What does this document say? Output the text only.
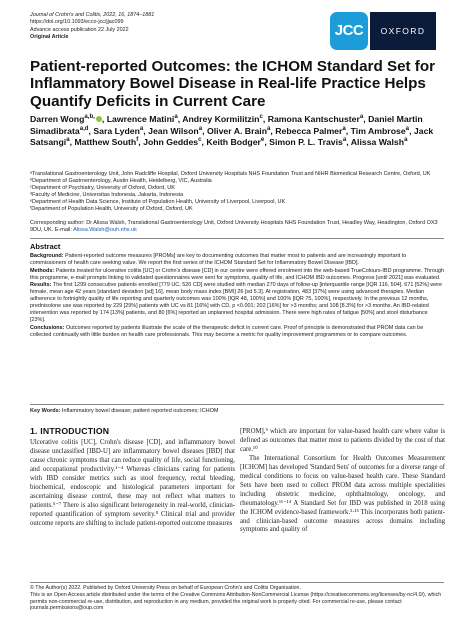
Journal of Crohn's and Colitis, 2022, 16, 1874–1881
https://doi.org/10.1093/ecco-jcc/jjac099
Advance access publication 22 July 2022
Original Article	JCC	OXFORD
Patient-reported Outcomes: the ICHOM Standard Set for Inflammatory Bowel Disease in Real-life Practice Helps Quantify Deficits in Current Care
Darren Wong$^{a,b,}$ , Lawrence Matini$^a$, Andrey Kormilitzin$^c$, Ramona Kantschuster$^a$, Daniel Martin Simadibrata$^{a,d}$, Sara Lyden$^a$, Jean Wilson$^a$, Oliver A. Brain$^a$, Rebecca Palmer$^a$, Tim Ambrose$^a$, Jack Satsangi$^a$, Matthew South$^f$, John Geddes$^c$, Keith Bodger$^e$, Simon P. L. Travis$^a$, Alissa Walsh$^a$
ᵃTranslational Gastroenterology Unit, John Radcliffe Hospital, Oxford University Hospitals NHS Foundation Trust and NIHR Biomedical Research Centre, Oxford, UK
ᵇDepartment of Gastroenterology, Austin Health, Heidelberg, VIC, Australia
ᶜDepartment of Psychiatry, University of Oxford, Oxford, UK
ᵈFaculty of Medicine, Universitas Indonesia, Jakarta, Indonesia
ᵉDepartment of Health Data Science, Institute of Population Health, University of Liverpool, Liverpool, UK
ᶠDepartment of Population Health, University of Oxford, Oxford, UK
Corresponding author: Dr Alissa Walsh, Translational Gastroenterology Unit, Oxford University Hospitals NHS Foundation Trust, Headley Way, Headington, Oxford OX3 9DU, UK. E-mail: Alissa.Walsh@ouh.nhs.uk
Abstract

Background: Patient-reported outcome measures [PROMs] are key to documenting outcomes that matter most to patients and are increasingly important to commissioners of health care seeking value. We report the first series of the ICHOM Standard Set for Inflammatory Bowel Disease [IBD].

Methods: Patients treated for ulcerative colitis [UC] or Crohn's disease [CD] in our centre were offered enrolment into the web-based TrueColours-IBD programme. Through this programme, e-mail prompts linking to validated questionnaires were sent for symptoms, quality of life, and ICHOM IBD outcomes. Progress [until 2021] was evaluated.

Results: The first 1299 consecutive patients enrolled [779 UC, 520 CD] were studied with median 270 days of follow-up [interquartile range [IQR 116, 504]. 671 [52%] were female, mean age 42 years [standard deviation [sd] 16], mean body mass index [BMI] 26 [sd 5.3]. At registration, 483 [37%] were using advanced therapies. Median adherence to fortnightly quality of life reporting and quarterly outcomes was 100% [IQR 48, 100%] and 100% [IQR 75, 100%], respectively. In the previous 12 months, prednisolone use was reported by 229 [29%] patients with UC vs 81 [16%] with CD, p <0.001; 202 [16%] for >3 months; and 108 [8.3%] for >3 months. An IBD-related intervention was reported by 174 [13%] patients, and 80 [6%] reported an unplanned hospital admission. There were high rates of fatigue [50%] and stool disturbance [23%].

Conclusions: Outcomes reported by patients illustrate the scale of the therapeutic deficit in current care. Proof of principle is demonstrated that PROM data can be collected continually with little burden on health care professionals. This may become a metric for quality improvement programmes or to compare outcomes.

Key Words: Inflammatory bowel disease; patient reported outcomes; ICHOM
1. INTRODUCTION

Ulcerative colitis [UC], Crohn's disease [CD], and inflammatory bowel disease unclassified [IBD-U] are inflammatory bowel diseases [IBD] that cause chronic symptoms that can reduce quality of life, social functioning, and occupational productivity.¹⁻⁴ Whereas clinicians caring for patients with IBD consider metrics such as stool frequency, rectal bleeding, biochemical, endoscopic and histological parameters important for ascertaining disease control, these may not reflect what matters to patients.⁵⁻⁷ There is also significant heterogeneity in real-world, clinician-reported quantification of symptom severity.⁸ Clinical trial and provider outcome reports are shifting to include patient-reported outcome measures

[PROM],⁹ which are important for value-based health care where value is defined as outcomes that matter most to patients divided by the cost of that care.¹⁰

The International Consortium for Health Outcomes Measurement [ICHOM] has developed 'Standard Sets' of outcomes for a diverse range of medical conditions to focus on value-based health care. These Standard Sets have been used to collect PROM data across multiple specialities including obstetric medicine, ophthalmology, oncology, and rheumatology.¹¹⁻¹⁴ A Standard Set for IBD was published in 2018 using the ICHOM evidence-based framework.²·¹⁵ This incorporates both patient- and clinician-based outcome measures across domains including symptoms and quality of

© The Author(s) 2022. Published by Oxford University Press on behalf of European Crohn's and Colitis Organisation.
This is an Open Access article distributed under the terms of the Creative Commons Attribution-NonCommercial License (https://creativecommons.org/licenses/by-nc/4.0/), which permits non-commercial re-use, distribution, and reproduction in any medium, provided the original work is properly cited. For commercial re-use, please contact journals.permissions@oup.com
